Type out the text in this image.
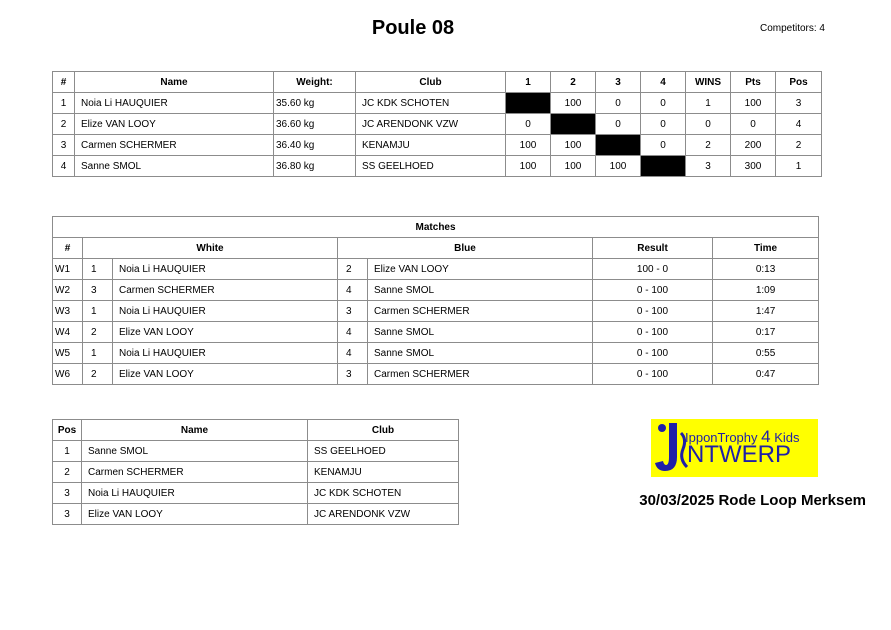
Poule 08	Competitors: 4
#	Name	Weight:	Club	1	2	3	4	WINS	Pts	Pos
1	Noia Li HAUQUIER	35.60 kg	JC KDK SCHOTEN		100	0	0	1	100	3
2	Elize VAN LOOY	36.60 kg	JC ARENDONK VZW	0		0	0	0	0	4
3	Carmen SCHERMER	36.40 kg	KENAMJU	100	100		0	2	200	2
4	Sanne SMOL	36.80 kg	SS GEELHOED	100	100	100		3	300	1
Matches						
#	White		Blue		Result	Time
W1	1	Noia Li HAUQUIER	2	Elize VAN LOOY	100 - 0	0:13
W2	3	Carmen SCHERMER	4	Sanne SMOL	0 - 100	1:09
W3	1	Noia Li HAUQUIER	3	Carmen SCHERMER	0 - 100	1:47
W4	2	Elize VAN LOOY	4	Sanne SMOL	0 - 100	0:17
W5	1	Noia Li HAUQUIER	4	Sanne SMOL	0 - 100	0:55
W6	2	Elize VAN LOOY	3	Carmen SCHERMER	0 - 100	0:47
Pos	Name	Club
1	Sanne SMOL	SS GEELHOED
2	Carmen SCHERMER	KENAMJU
3	Noia Li HAUQUIER	JC KDK SCHOTEN
3	Elize VAN LOOY	JC ARENDONK VZW
IpponTrophy 4 Kids
NTWERP
30/03/2025 Rode Loop Merksem
